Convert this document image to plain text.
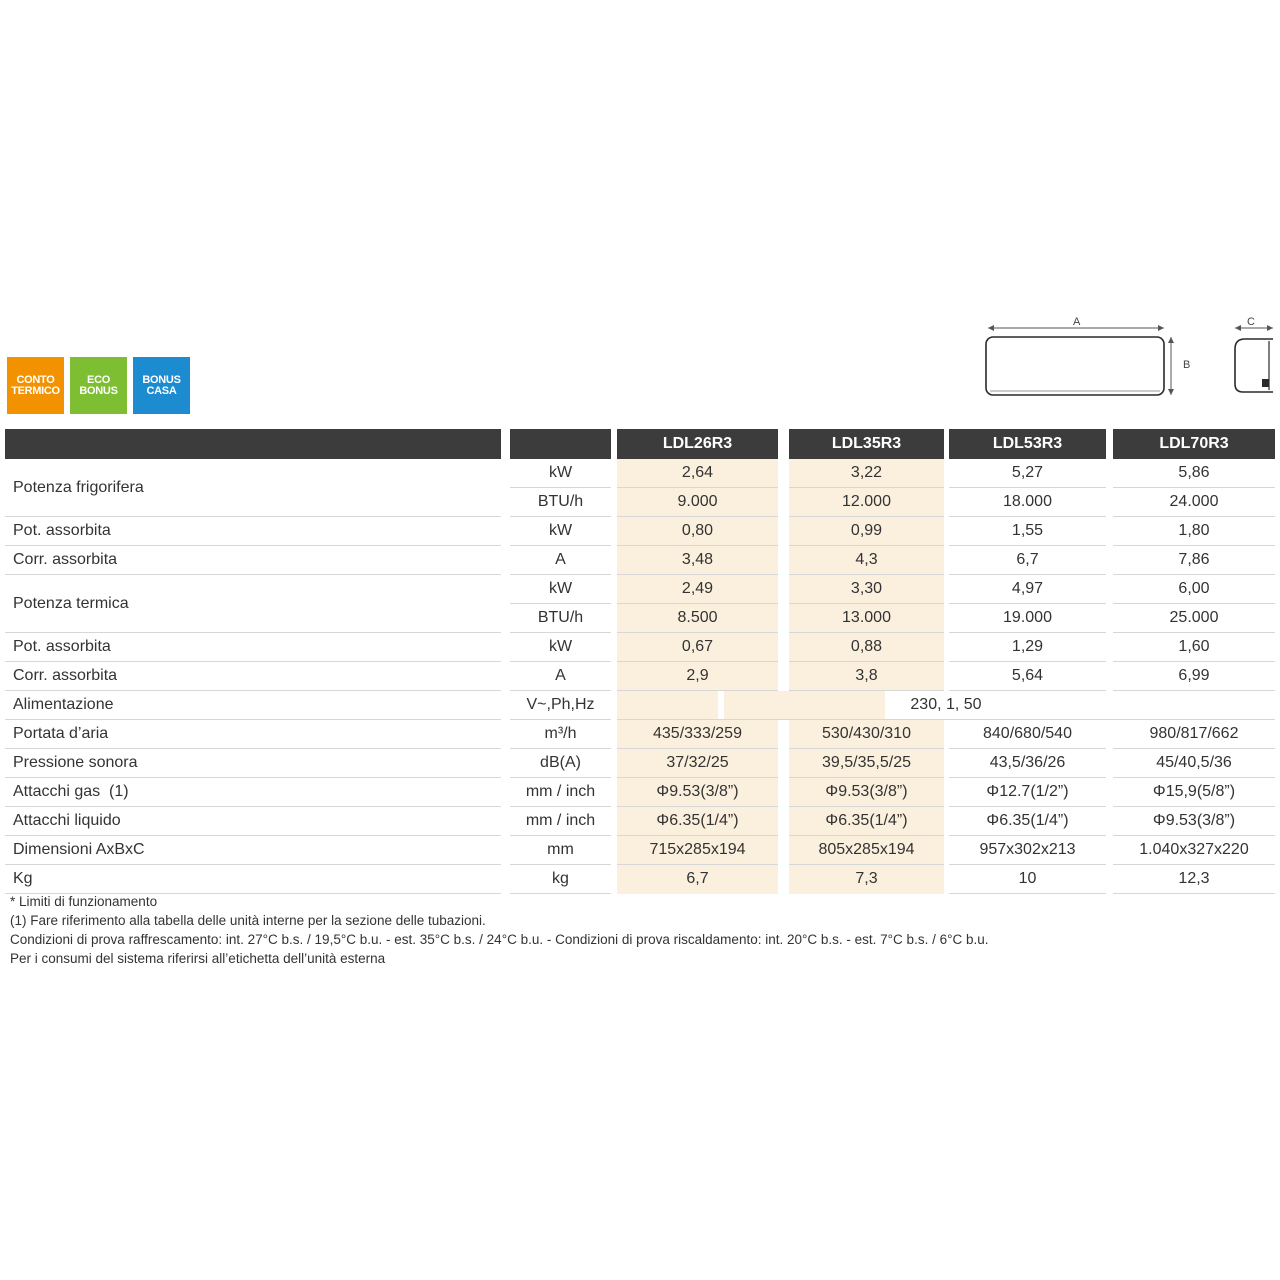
CONTO
TERMICO
ECO
BONUS
BONUS
CASA
A
B
C
				LDL26R3		LDL35R3		LDL53R3		LDL70R3
Potenza frigorifera		kW		2,64		3,22		5,27		5,86
		BTU/h		9.000		12.000		18.000		24.000
Pot. assorbita		kW		0,80		0,99		1,55		1,80
Corr. assorbita		A		3,48		4,3		6,7		7,86
Potenza termica		kW		2,49		3,30		4,97		6,00
		BTU/h		8.500		13.000		19.000		25.000
Pot. assorbita		kW		0,67		0,88		1,29		1,60
Corr. assorbita		A		2,9		3,8		5,64		6,99
Alimentazione		V~,Ph,Hz		230, 1, 50						
Portata d’aria		m³/h		435/333/259		530/430/310		840/680/540		980/817/662
Pressione sonora		dB(A)		37/32/25		39,5/35,5/25		43,5/36/26		45/40,5/36
Attacchi gas  (1)		mm / inch		Φ9.53(3/8”)		Φ9.53(3/8”)		Φ12.7(1/2”)		Φ15,9(5/8”)
Attacchi liquido		mm / inch		Φ6.35(1/4”)		Φ6.35(1/4”)		Φ6.35(1/4”)		Φ9.53(3/8”)
Dimensioni AxBxC		mm		715x285x194		805x285x194		957x302x213		1.040x327x220
Kg		kg		6,7		7,3		10		12,3
* Limiti di funzionamento
(1) Fare riferimento alla tabella delle unità interne per la sezione delle tubazioni.
Condizioni di prova raffrescamento: int. 27°C b.s. / 19,5°C b.u. - est. 35°C b.s. / 24°C b.u. - Condizioni di prova riscaldamento: int. 20°C b.s. - est. 7°C b.s. / 6°C b.u.
Per i consumi del sistema riferirsi all’etichetta dell’unità esterna
